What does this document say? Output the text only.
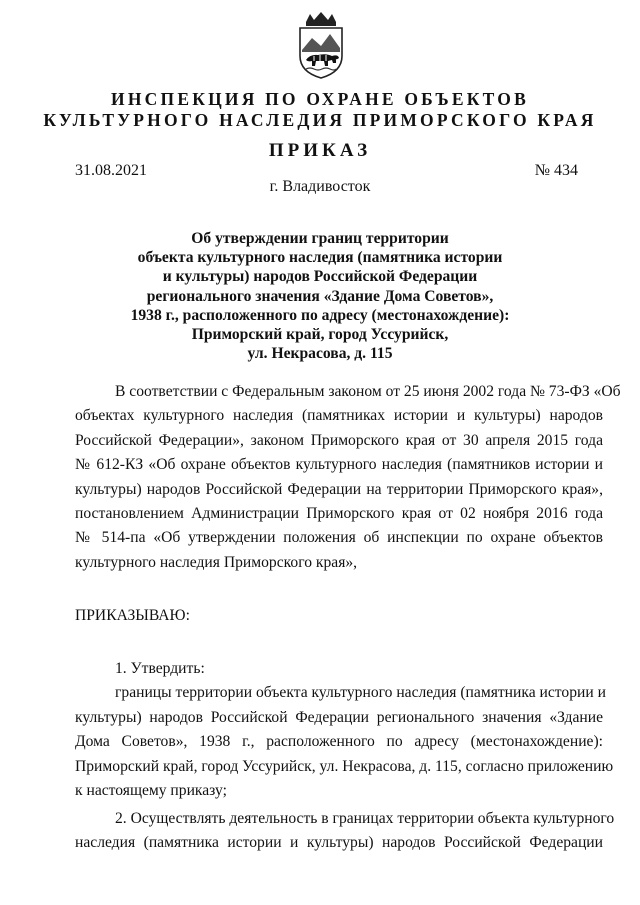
ИНСПЕКЦИЯ ПО ОХРАНЕ ОБЪЕКТОВ
КУЛЬТУРНОГО НАСЛЕДИЯ ПРИМОРСКОГО КРАЯ
ПРИКАЗ
31.08.2021	№ 434
г. Владивосток
Об утверждении границ территории
объекта культурного наследия (памятника истории
и культуры) народов Российской Федерации
регионального значения «Здание Дома Советов»,
1938 г., расположенного по адресу (местонахождение):
Приморский край, город Уссурийск,
ул. Некрасова, д. 115
В соответствии с Федеральным законом от 25 июня 2002 года № 73-ФЗ «Об
объектах культурного наследия (памятниках истории и культуры) народов
Российской Федерации», законом Приморского края от 30 апреля 2015 года
№ 612-КЗ «Об охране объектов культурного наследия (памятников истории и
культуры) народов Российской Федерации на территории Приморского края»,
постановлением Администрации Приморского края от 02 ноября 2016 года
№ 514-па «Об утверждении положения об инспекции по охране объектов
культурного наследия Приморского края»,
ПРИКАЗЫВАЮ:
1. Утвердить:
границы территории объекта культурного наследия (памятника истории и
культуры) народов Российской Федерации регионального значения «Здание
Дома Советов», 1938 г., расположенного по адресу (местонахождение):
Приморский край, город Уссурийск, ул. Некрасова, д. 115, согласно приложению
к настоящему приказу;
2. Осуществлять деятельность в границах территории объекта культурного
наследия (памятника истории и культуры) народов Российской Федерации
